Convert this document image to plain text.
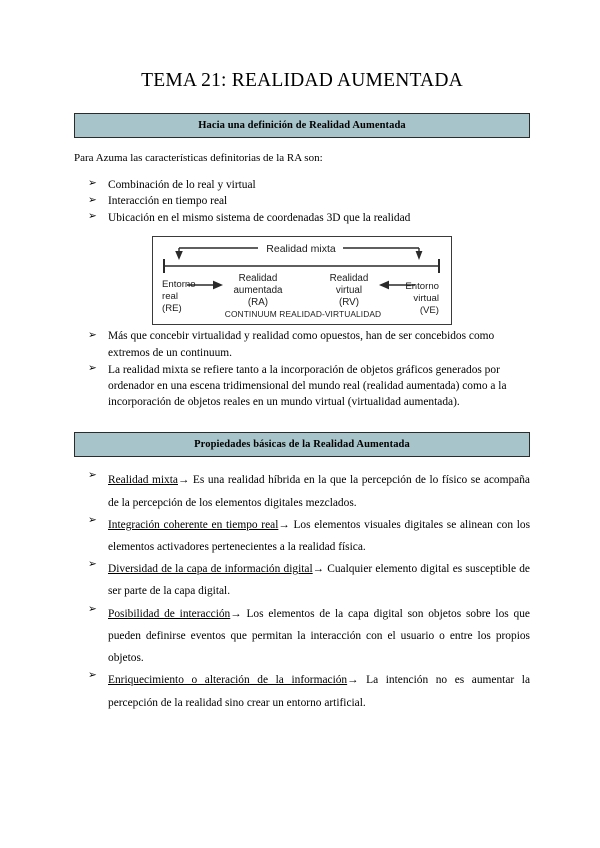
TEMA 21: REALIDAD AUMENTADA
Hacia una definición de Realidad Aumentada

Para Azuma las características definitorias de la RA son:

➢ Combinación de lo real y virtual
➢ Interacción en tiempo real
➢ Ubicación en el mismo sistema de coordenadas 3D que la realidad
Realidad mixta
Entorno
real
(RE)
Realidad
aumentada
(RA)
Realidad
virtual
(RV)
Entorno
virtual
(VE)
CONTINUUM REALIDAD-VIRTUALIDAD
➢ Más que concebir virtualidad y realidad como opuestos, han de ser concebidos como extremos de un continuum.
➢ La realidad mixta se refiere tanto a la incorporación de objetos gráficos generados por ordenador en una escena tridimensional del mundo real (realidad aumentada) como a la incorporación de objetos reales en un mundo virtual (virtualidad aumentada).
Propiedades básicas de la Realidad Aumentada
➢ Realidad mixta→ Es una realidad híbrida en la que la percepción de lo físico se acompaña de la percepción de los elementos digitales mezclados.
➢ Integración coherente en tiempo real→ Los elementos visuales digitales se alinean con los elementos activadores pertenecientes a la realidad física.
➢ Diversidad de la capa de información digital→ Cualquier elemento digital es susceptible de ser parte de la capa digital.
➢ Posibilidad de interacción→ Los elementos de la capa digital son objetos sobre los que pueden definirse eventos que permitan la interacción con el usuario o entre los propios objetos.
➢ Enriquecimiento o alteración de la información→ La intención no es aumentar la percepción de la realidad sino crear un entorno artificial.
